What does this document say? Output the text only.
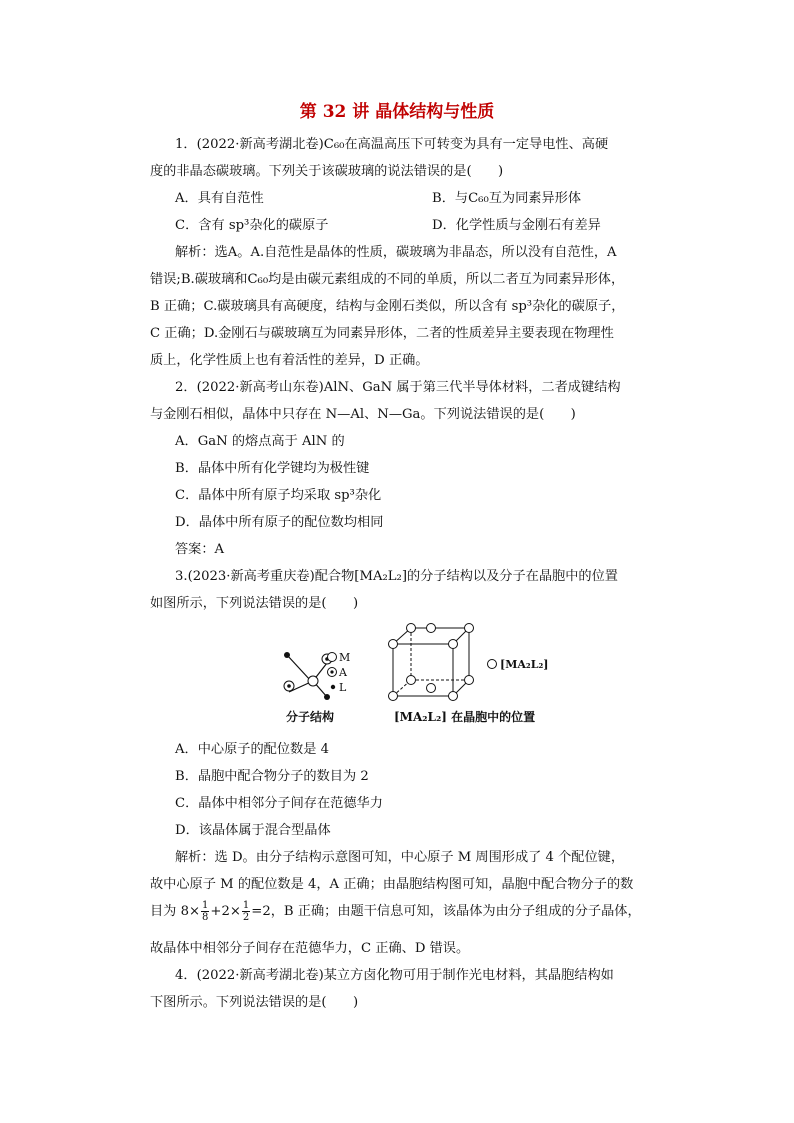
第 32 讲 晶体结构与性质
1．(2022·新高考湖北卷)C₆₀在高温高压下可转变为具有一定导电性、高硬
度的非晶态碳玻璃。下列关于该碳玻璃的说法错误的是(　　)
A．具有自范性	B．与C₆₀互为同素异形体
C．含有 sp³杂化的碳原子	D．化学性质与金刚石有差异
解析：选A。A.自范性是晶体的性质，碳玻璃为非晶态，所以没有自范性，A
错误;B.碳玻璃和C₆₀均是由碳元素组成的不同的单质，所以二者互为同素异形体，
B 正确；C.碳玻璃具有高硬度，结构与金刚石类似，所以含有 sp³杂化的碳原子，
C 正确；D.金刚石与碳玻璃互为同素异形体，二者的性质差异主要表现在物理性
质上，化学性质上也有着活性的差异，D 正确。
2．(2022·新高考山东卷)AlN、GaN 属于第三代半导体材料，二者成键结构
与金刚石相似，晶体中只存在 N—Al、N—Ga。下列说法错误的是(　　)
A．GaN 的熔点高于 AlN 的
B．晶体中所有化学键均为极性键
C．晶体中所有原子均采取 sp³杂化
D．晶体中所有原子的配位数均相同
答案：A
3.(2023·新高考重庆卷)配合物[MA₂L₂]的分子结构以及分子在晶胞中的位置
如图所示，下列说法错误的是(　　)
M
A
L
分子结构
[MA₂L₂]
[MA₂L₂] 在晶胞中的位置
A．中心原子的配位数是 4
B．晶胞中配合物分子的数目为 2
C．晶体中相邻分子间存在范德华力
D．该晶体属于混合型晶体
解析：选 D。由分子结构示意图可知，中心原子 M 周围形成了 4 个配位键，
故中心原子 M 的配位数是 4，A 正确；由晶胞结构图可知，晶胞中配合物分子的数
目为 $8\times \frac{1}{8} +2\times \frac{1}{2} =2$，B 正确；由题干信息可知，该晶体为由分子组成的分子晶体，
故晶体中相邻分子间存在范德华力，C 正确、D 错误。
4．(2022·新高考湖北卷)某立方卤化物可用于制作光电材料，其晶胞结构如
下图所示。下列说法错误的是(　　)
